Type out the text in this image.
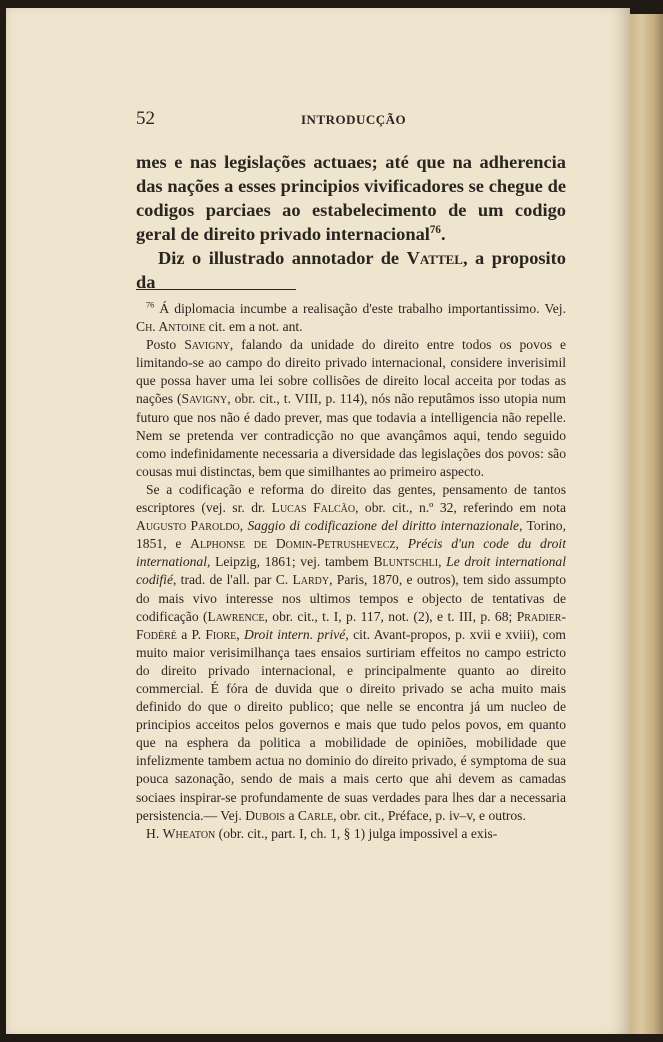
52	INTRODUCÇÃO

mes e nas legislações actuaes; até que na adherencia das nações a esses principios vivificadores se chegue de codigos parciaes ao estabelecimento de um codigo geral de direito privado internacional$^{76}$.

Diz o illustrado annotador de Vattel, a proposito da

$^{76}$ Á diplomacia incumbe a realisação d'este trabalho importantissimo. Vej. Ch. Antoine cit. em a not. ant.

Posto Savigny, falando da unidade do direito entre todos os povos e limitando-se ao campo do direito privado internacional, considere inverisimil que possa haver uma lei sobre collisões de direito local acceita por todas as nações (Savigny, obr. cit., t. VIII, p. 114), nós não reputâmos isso utopia num futuro que nos não é dado prever, mas que todavia a intelligencia não repelle. Nem se pretenda ver contradicção no que avançâmos aqui, tendo seguido como indefinidamente necessaria a diversidade das legislações dos povos: são cousas mui distinctas, bem que similhantes ao primeiro aspecto.

Se a codificação e reforma do direito das gentes, pensamento de tantos escriptores (vej. sr. dr. Lucas Falcão, obr. cit., n.º 32, referindo em nota Augusto Paroldo, Saggio di codificazione del diritto internazionale, Torino, 1851, e Alphonse de Domin-Petrushevecz, Précis d'un code du droit international, Leipzig, 1861; vej. tambem Bluntschli, Le droit international codifié, trad. de l'all. par C. Lardy, Paris, 1870, e outros), tem sido assumpto do mais vivo interesse nos ultimos tempos e objecto de tentativas de codificação (Lawrence, obr. cit., t. I, p. 117, not. (2), e t. III, p. 68; Pradier-Fodéré a P. Fiore, Droit intern. privé, cit. Avant-propos, p. xvii e xviii), com muito maior verisimilhança taes ensaios surtiriam effeitos no campo estricto do direito privado internacional, e principalmente quanto ao direito commercial. É fóra de duvida que o direito privado se acha muito mais definido do que o direito publico; que nelle se encontra já um nucleo de principios acceitos pelos governos e mais que tudo pelos povos, em quanto que na esphera da politica a mobilidade de opiniões, mobilidade que infelizmente tambem actua no dominio do direito privado, é symptoma de sua pouca sazonação, sendo de mais a mais certo que ahi devem as camadas sociaes inspirar-se profundamente de suas verdades para lhes dar a necessaria persistencia.— Vej. Dubois a Carle, obr. cit., Préface, p. iv–v, e outros.

H. Wheaton (obr. cit., part. I, ch. 1, § 1) julga impossivel a exis-
